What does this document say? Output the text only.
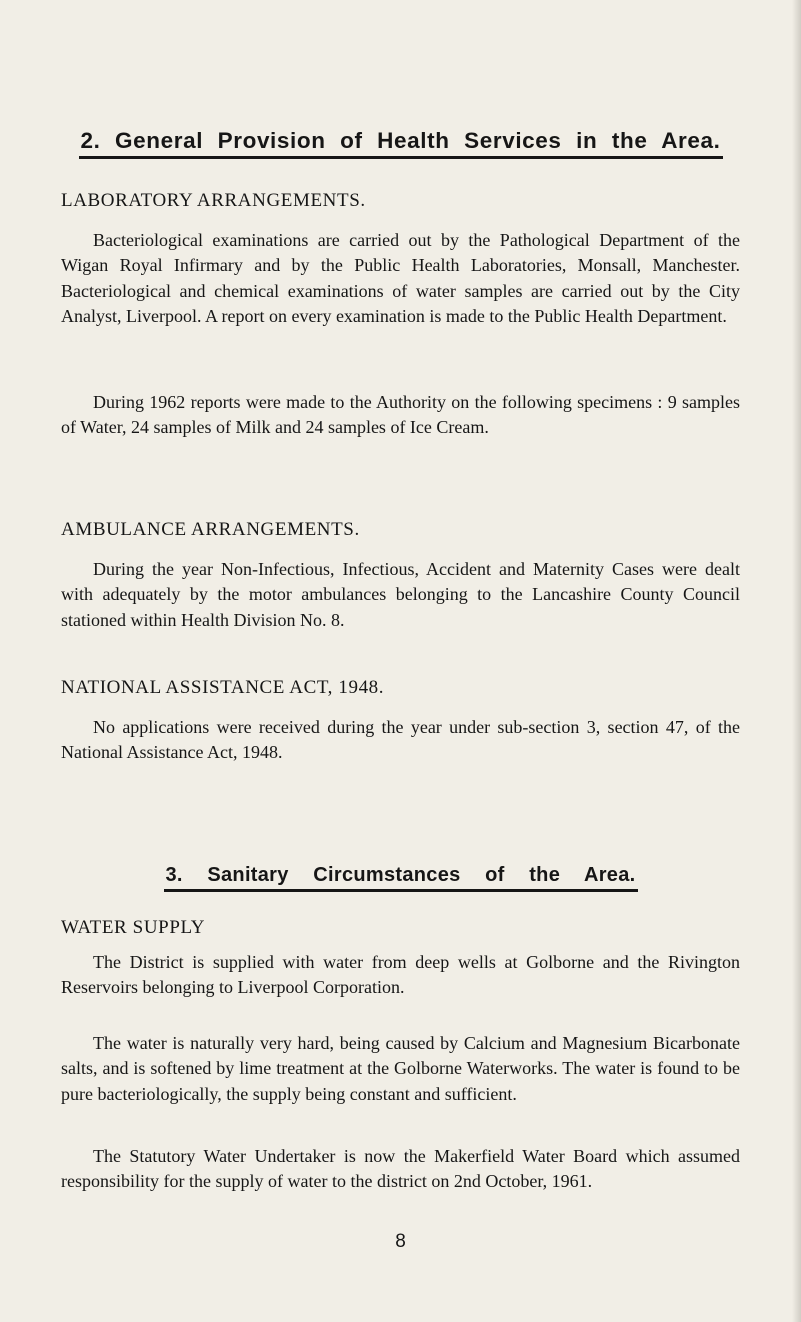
2. General Provision of Health Services in the Area.
LABORATORY ARRANGEMENTS.
Bacteriological examinations are carried out by the Pathological Department of the Wigan Royal Infirmary and by the Public Health Laboratories, Monsall, Manchester. Bacteriological and chemical examinations of water samples are carried out by the City Analyst, Liverpool. A report on every examination is made to the Public Health Department.
During 1962 reports were made to the Authority on the following specimens : 9 samples of Water, 24 samples of Milk and 24 samples of Ice Cream.
AMBULANCE ARRANGEMENTS.
During the year Non-Infectious, Infectious, Accident and Maternity Cases were dealt with adequately by the motor ambulances belonging to the Lancashire County Council stationed within Health Division No. 8.
NATIONAL ASSISTANCE ACT, 1948.
No applications were received during the year under sub-section 3, section 47, of the National Assistance Act, 1948.
3. Sanitary Circumstances of the Area.
WATER SUPPLY
The District is supplied with water from deep wells at Golborne and the Rivington Reservoirs belonging to Liverpool Corporation.
The water is naturally very hard, being caused by Calcium and Magnesium Bicarbonate salts, and is softened by lime treatment at the Golborne Waterworks. The water is found to be pure bacteriologically, the supply being constant and sufficient.
The Statutory Water Undertaker is now the Makerfield Water Board which assumed responsibility for the supply of water to the district on 2nd October, 1961.
8
